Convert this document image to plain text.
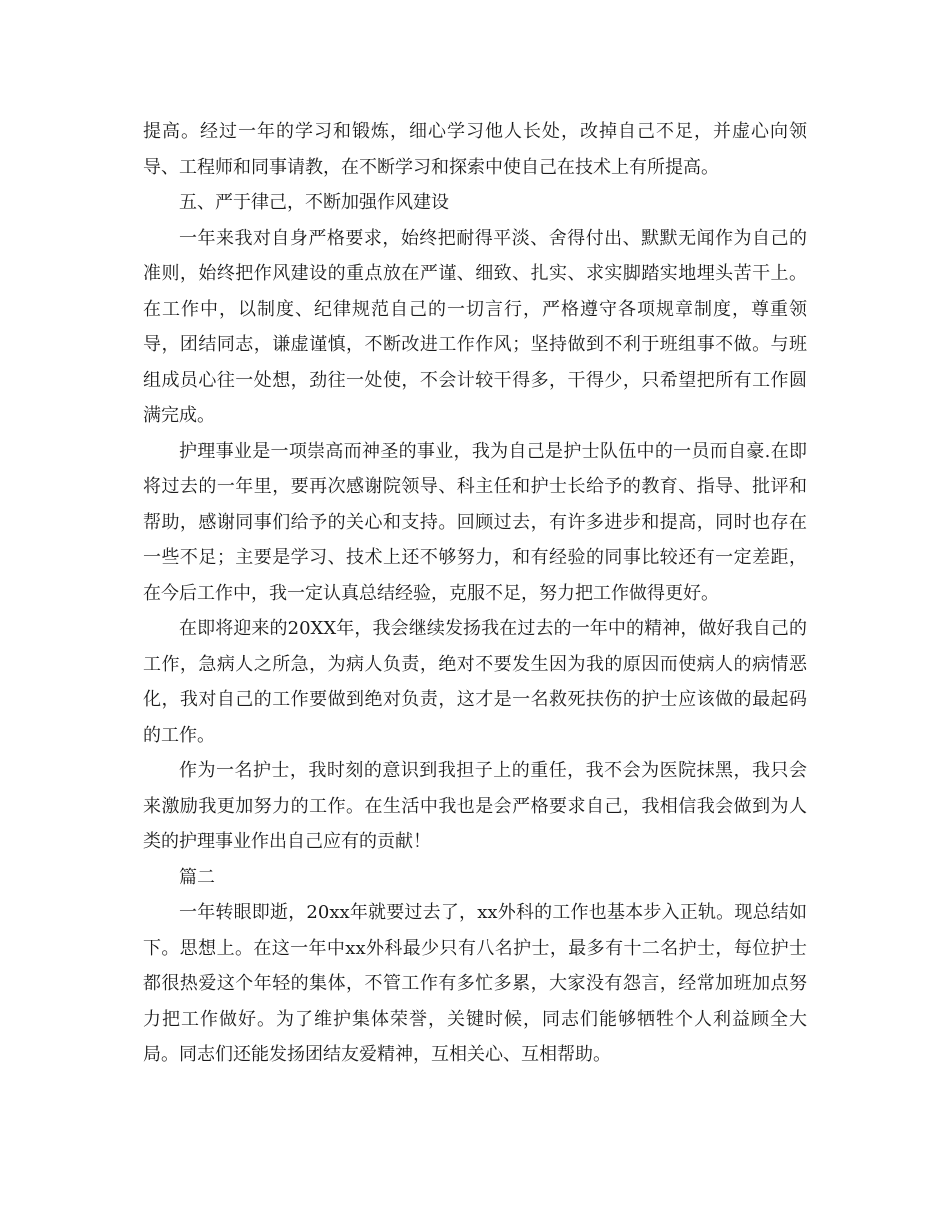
提高。经过一年的学习和锻炼，细心学习他人长处，改掉自己不足，并虚心向领导、工程师和同事请教，在不断学习和探索中使自己在技术上有所提高。

五、严于律己，不断加强作风建设

一年来我对自身严格要求，始终把耐得平淡、舍得付出、默默无闻作为自己的准则，始终把作风建设的重点放在严谨、细致、扎实、求实脚踏实地埋头苦干上。在工作中，以制度、纪律规范自己的一切言行，严格遵守各项规章制度，尊重领导，团结同志，谦虚谨慎，不断改进工作作风；坚持做到不利于班组事不做。与班组成员心往一处想，劲往一处使，不会计较干得多，干得少，只希望把所有工作圆满完成。

护理事业是一项崇高而神圣的事业，我为自己是护士队伍中的一员而自豪.在即将过去的一年里，要再次感谢院领导、科主任和护士长给予的教育、指导、批评和帮助，感谢同事们给予的关心和支持。回顾过去，有许多进步和提高，同时也存在一些不足；主要是学习、技术上还不够努力，和有经验的同事比较还有一定差距，在今后工作中，我一定认真总结经验，克服不足，努力把工作做得更好。

在即将迎来的20XX年，我会继续发扬我在过去的一年中的精神，做好我自己的工作，急病人之所急，为病人负责，绝对不要发生因为我的原因而使病人的病情恶化，我对自己的工作要做到绝对负责，这才是一名救死扶伤的护士应该做的最起码的工作。

作为一名护士，我时刻的意识到我担子上的重任，我不会为医院抹黑，我只会来激励我更加努力的工作。在生活中我也是会严格要求自己，我相信我会做到为人类的护理事业作出自己应有的贡献！

篇二

一年转眼即逝，20xx年就要过去了，xx外科的工作也基本步入正轨。现总结如下。思想上。在这一年中xx外科最少只有八名护士，最多有十二名护士，每位护士都很热爱这个年轻的集体，不管工作有多忙多累，大家没有怨言，经常加班加点努力把工作做好。为了维护集体荣誉，关键时候，同志们能够牺牲个人利益顾全大局。同志们还能发扬团结友爱精神，互相关心、互相帮助。
